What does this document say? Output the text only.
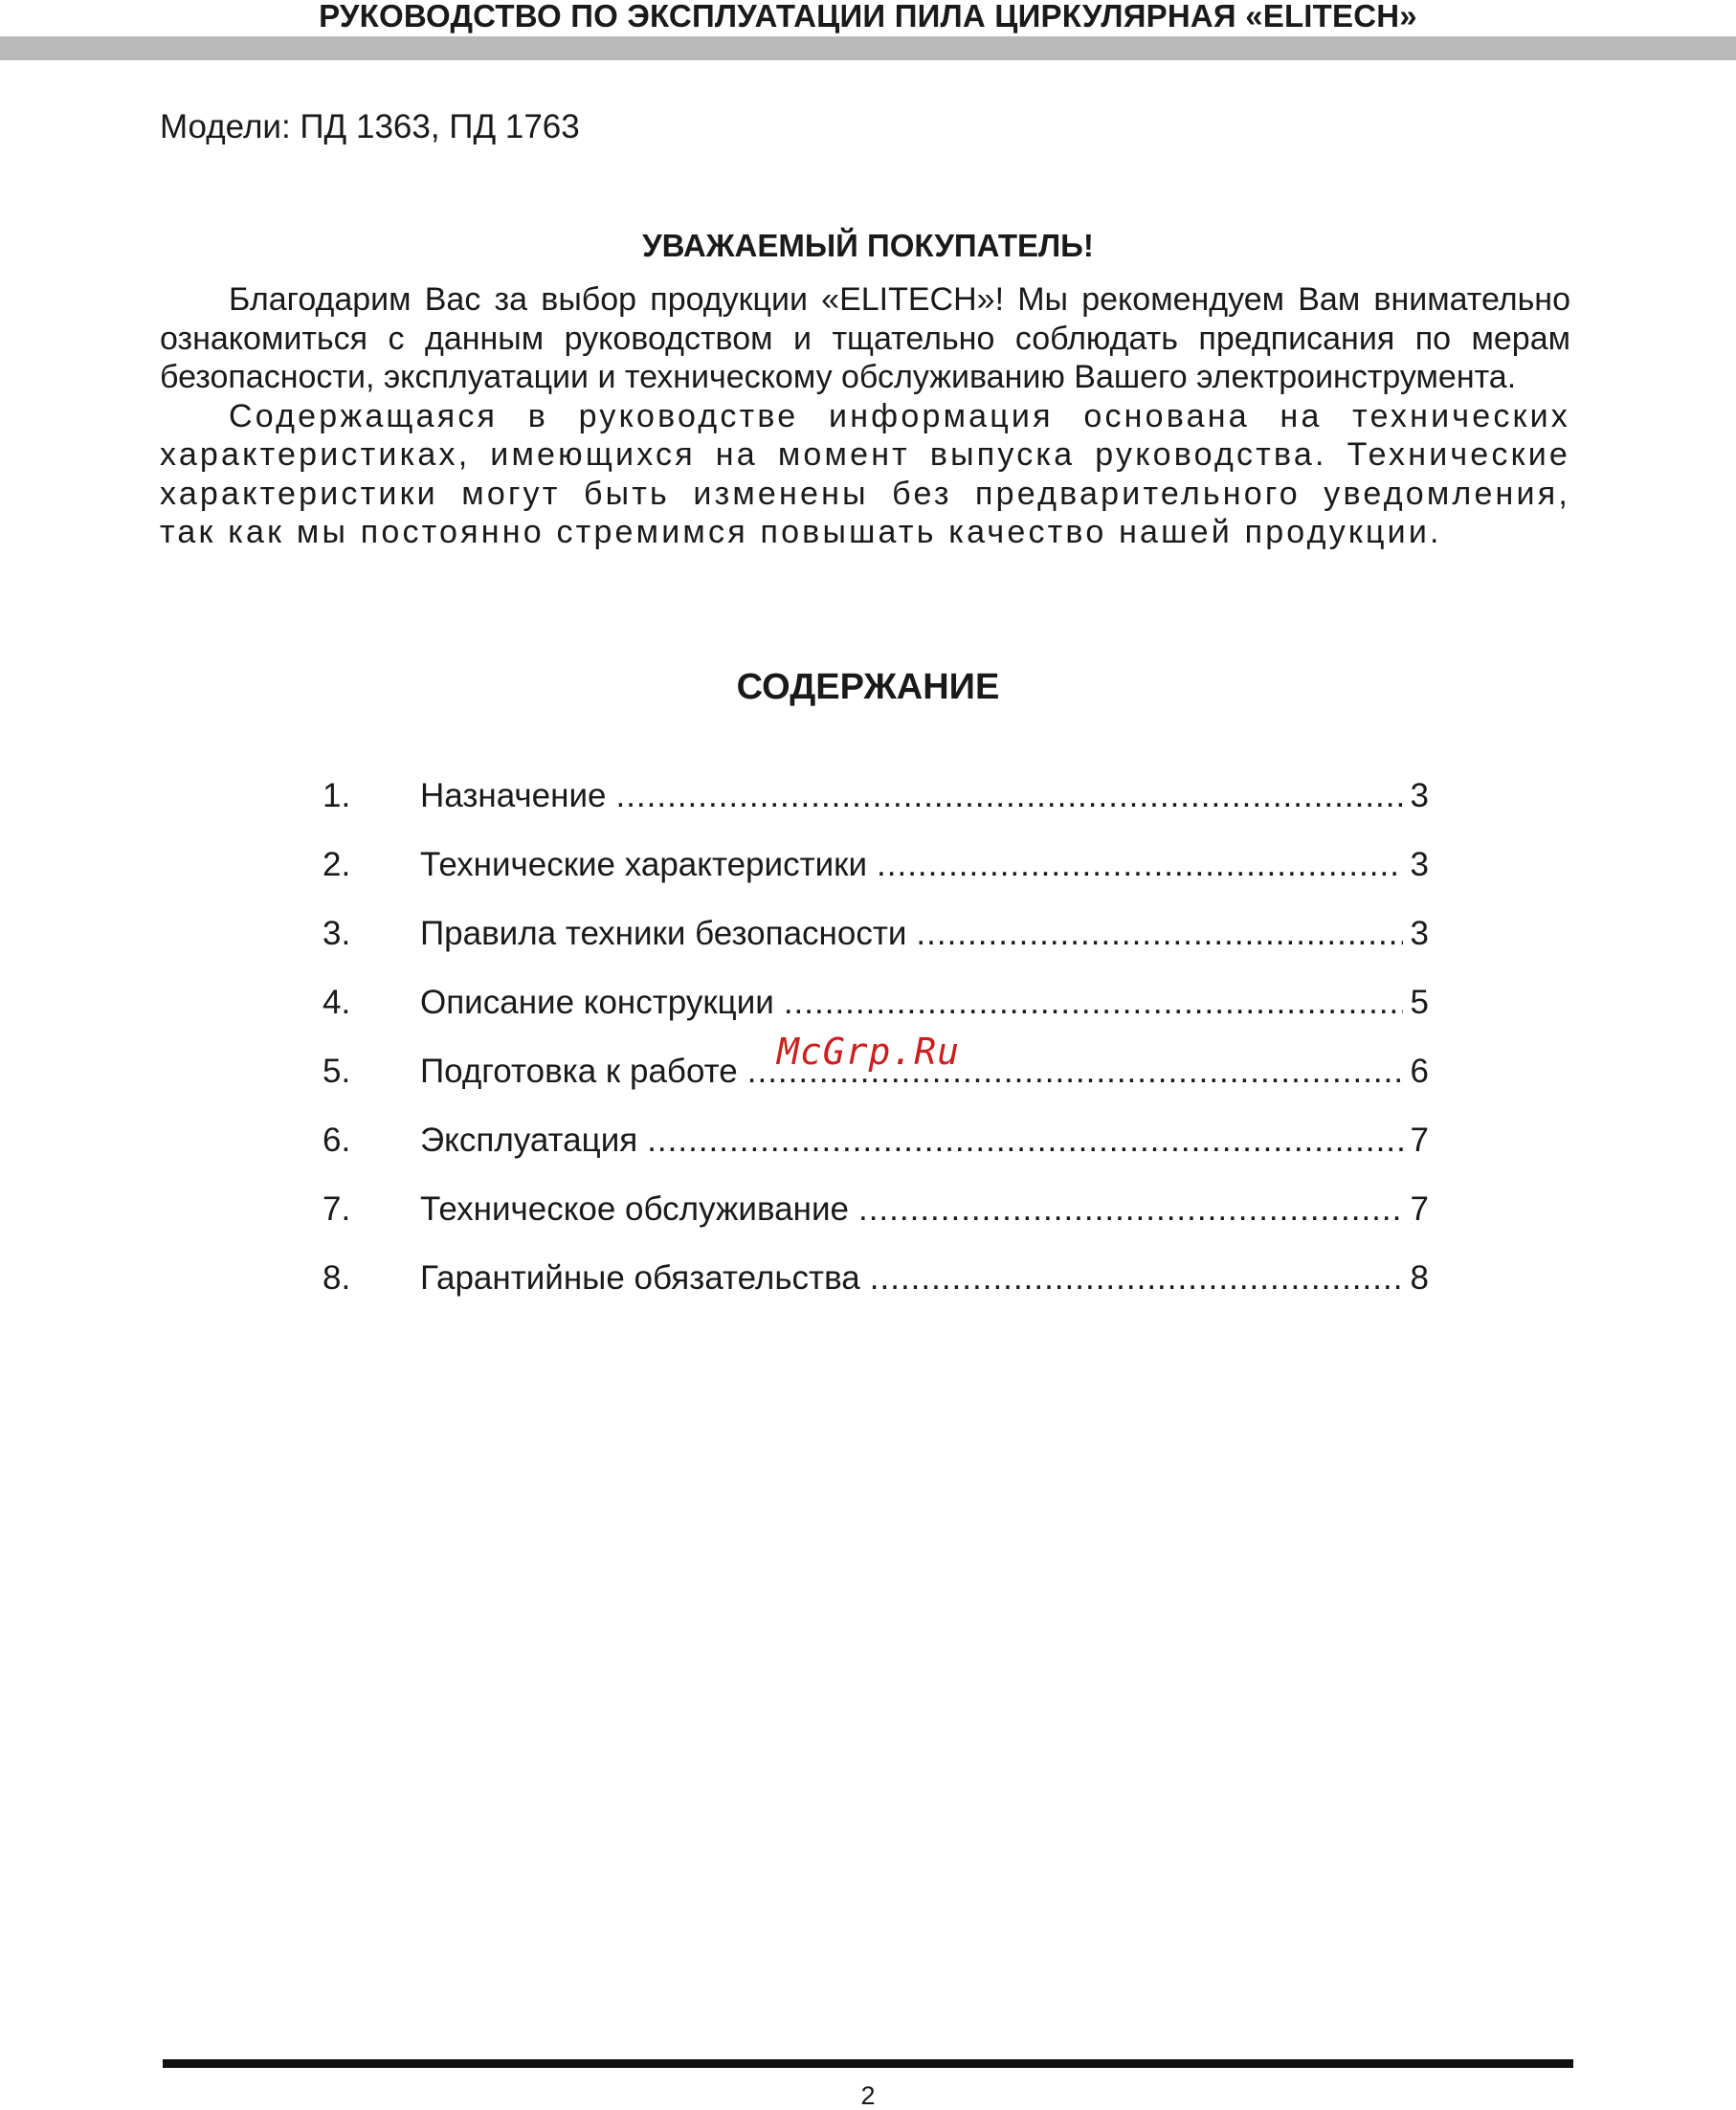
РУКОВОДСТВО ПО ЭКСПЛУАТАЦИИ ПИЛА ЦИРКУЛЯРНАЯ «ELITECH»
Модели: ПД 1363, ПД 1763
УВАЖАЕМЫЙ ПОКУПАТЕЛЬ!

Благодарим Вас за выбор продукции «ELITECH»! Мы рекомендуем Вам внимательно ознакомиться с данным руководством и тщательно соблюдать предписания по мерам безопасности, эксплуатации и техническому обслуживанию Вашего электроинструмента.

Содержащаяся в руководстве информация основана на технических характеристиках, имеющихся на момент выпуска руководства. Технические характеристики могут быть изменены без предварительного уведомления, так как мы постоянно стремимся повышать качество нашей продукции.

СОДЕРЖАНИЕ
1.	Назначение .....	3
2.	Технические характеристики .....	3
3.	Правила техники безопасности .....	3
4.	Описание конструкции .....	5
5.	Подготовка к работе .....	6
6.	Эксплуатация .....	7
7.	Техническое обслуживание .....	7
8.	Гарантийные обязательства .....	8
McGrp.Ru
2
